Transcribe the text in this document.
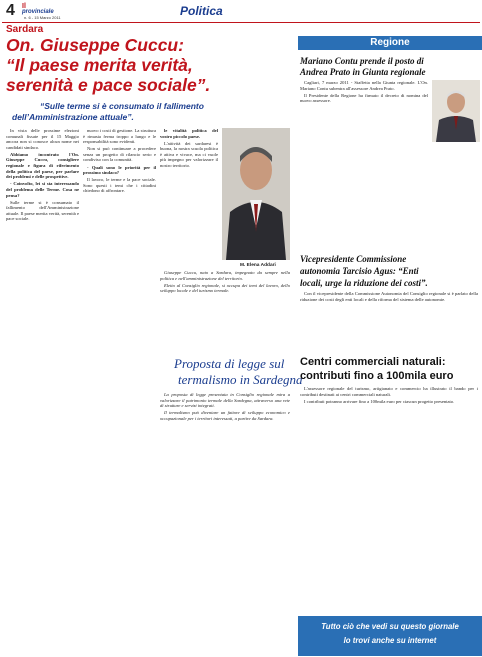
4 Il
provinciale
n. 6 - 15 Marzo 2011	Politica
Sardara
On. Giuseppe Cuccu:
“Il paese merita verità,
serenità e pace sociale”.
“Sulle terme si è consumato il fallimento
dell’Amministrazione attuale”.

In vista delle prossime elezioni comunali fissate per il 15 Maggio ancora non si conosce alcun nome nei candidati sindaco.

Abbiamo incontrato l'On. Giuseppe Cuccu, consigliere regionale e figura di riferimento della politica del paese, per parlare dei problemi e delle prospettive.

- Coinvolto, lei si sta interessando del problema delle Terme. Cosa ne pensa?

Sulle terme si è consumato il fallimento dell'Amministrazione attuale. Il paese merita verità, serenità e pace sociale.

nuovo i costi di gestione. La struttura è rimasta ferma troppo a lungo e le responsabilità sono evidenti.

Non si può continuare a procedere senza un progetto di rilancio serio e condiviso con la comunità.

- Quali sono le priorità per il prossimo sindaco?

Il lavoro, le terme e la pace sociale. Sono questi i temi che i cittadini chiedono di affrontare.

le vitalità politica del vostro piccolo paese.

L'attività dei sardaresi è buona, la nostra scuola politica è attiva e vivace, ma ci vuole più impegno per valorizzare il nostro territorio.

M. Elena Addari

Giuseppe Cuccu, nato a Sardara, impegnato da sempre nella politica e nell'amministrazione del territorio.

Eletto al Consiglio regionale, si occupa dei temi del lavoro, dello sviluppo locale e del turismo termale.

Proposta di legge sul
termalismo in Sardegna

La proposta di legge presentata in Consiglio regionale mira a valorizzare il patrimonio termale della Sardegna, attraverso una rete di strutture e servizi integrati.

Il termalismo può diventare un fattore di sviluppo economico e occupazionale per i territori interessati, a partire da Sardara.

Regione
Mariano Contu prende il posto di
Andrea Prato in Giunta regionale

Cagliari, 7 marzo 2011 - Staffetta nella Giunta regionale. L'On. Mariano Contu subentra all'assessore Andrea Prato.

Il Presidente della Regione ha firmato il decreto di nomina del nuovo assessore.

Vicepresidente Commissione
autonomia Tarcisio Agus: “Enti
locali, urge la riduzione dei costi”.

Con il vicepresidente della Commissione Autonomia del Consiglio regionale si è parlato della riduzione dei costi degli enti locali e della riforma del sistema delle autonomie.

Centri commerciali naturali:
contributi fino a 100mila euro

L'assessore regionale del turismo, artigianato e commercio ha illustrato il bando per i contributi destinati ai centri commerciali naturali.

I contributi potranno arrivare fino a 100mila euro per ciascun progetto presentato.

Tutto ciò che vedi su questo giornale
lo trovi anche su internet
